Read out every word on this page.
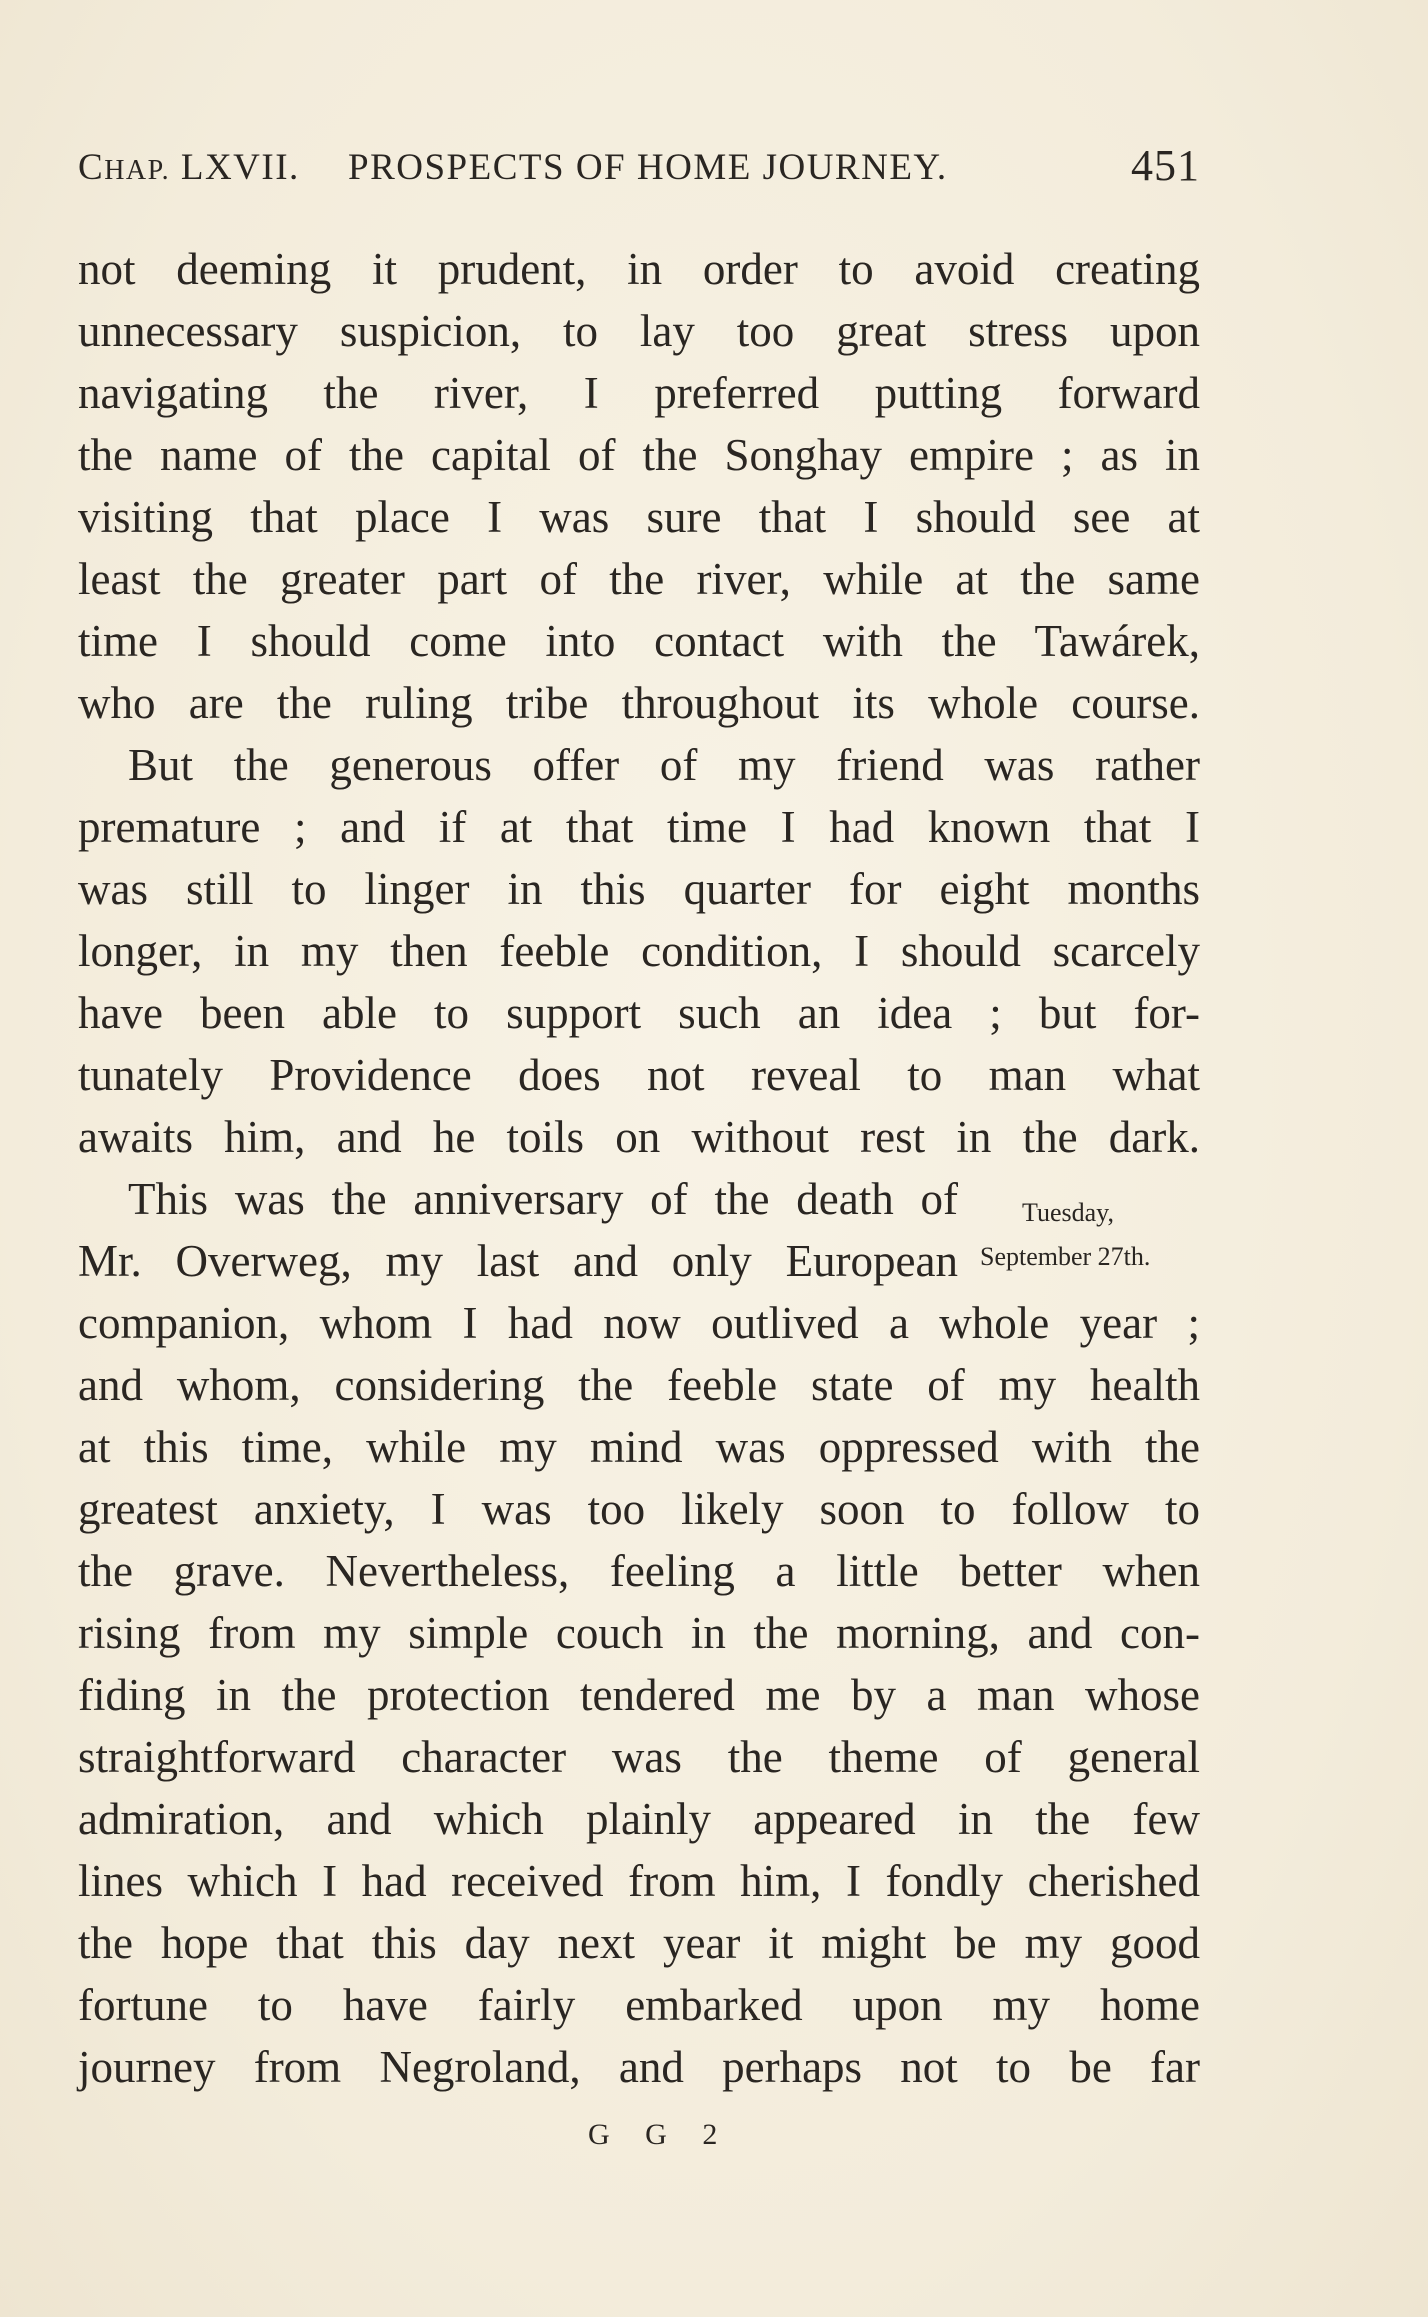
CHAP. LXVII. PROSPECTS OF HOME JOURNEY.	451
not deeming it prudent, in order to avoid creating
unnecessary suspicion, to lay too great stress upon
navigating the river, I preferred putting forward
the name of the capital of the Songhay empire ; as in
visiting that place I was sure that I should see at
least the greater part of the river, while at the same
time I should come into contact with the Tawárek,
who are the ruling tribe throughout its whole course.
But the generous offer of my friend was rather
premature ; and if at that time I had known that I
was still to linger in this quarter for eight months
longer, in my then feeble condition, I should scarcely
have been able to support such an idea ; but for-
tunately Providence does not reveal to man what
awaits him, and he toils on without rest in the dark.
This was the anniversary of the death of
Mr. Overweg, my last and only European
companion, whom I had now outlived a whole year ;
and whom, considering the feeble state of my health
at this time, while my mind was oppressed with the
greatest anxiety, I was too likely soon to follow to
the grave. Nevertheless, feeling a little better when
rising from my simple couch in the morning, and con-
fiding in the protection tendered me by a man whose
straightforward character was the theme of general
admiration, and which plainly appeared in the few
lines which I had received from him, I fondly cherished
the hope that this day next year it might be my good
fortune to have fairly embarked upon my home
journey from Negroland, and perhaps not to be far
Tuesday,
September 27th.
G G 2
